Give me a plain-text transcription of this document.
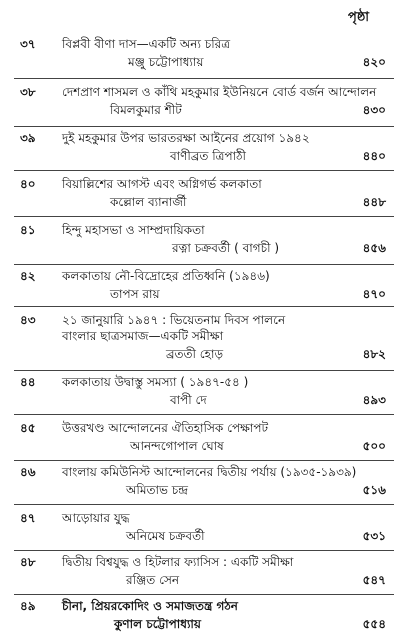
পৃষ্ঠা
৩৭ বিপ্লবী বীণা দাস—একটি অন্য চরিত্র
মঞ্জু চট্টোপাধ্যায়	৪২০
৩৮ দেশপ্রাণ শাসমল ও কাঁথি মহকুমার ইউনিয়নে বোর্ড বর্জন আন্দোলন
বিমলকুমার শীট	৪৩০
৩৯ দুই মহকুমার উপর ভারতরক্ষা আইনের প্রয়োগ ১৯৪২
বাণীব্রত ত্রিপাঠী	৪৪০
৪০ বিয়াল্লিশের আগস্ট এবং অগ্নিগর্ভ কলকাতা
কল্লোল ব্যানার্জী	৪৪৮
৪১ হিন্দু মহাসভা ও সাম্প্রদায়িকতা
রত্না চক্রবর্তী ( বাগচী )	৪৫৬
৪২ কলকাতায় নৌ-বিদ্রোহের প্রতিধ্বনি (১৯৪৬)
তাপস রায়	৪৭০
৪৩ ২১ জানুয়ারি ১৯৪৭ : ভিয়েতনাম দিবস পালনে
বাংলার ছাত্রসমাজ—একটি সমীক্ষা
ব্রততী হোড়	৪৮২
৪৪ কলকাতায় উদ্বাস্তু সমস্যা ( ১৯৪৭-৫৪ )
বাপী দে	৪৯৩
৪৫ উত্তরখণ্ড আন্দোলনের ঐতিহাসিক পেক্ষাপট
আনন্দগোপাল ঘোষ	৫০০
৪৬ বাংলায় কমিউনিস্ট আন্দোলনের দ্বিতীয় পর্যায় (১৯৩৫-১৯৩৯)
অমিতাভ চন্দ্র	৫১৬
৪৭ আড়োয়ার যুদ্ধ
অনিমেষ চক্রবর্তী	৫৩১
৪৮ দ্বিতীয় বিশ্বযুদ্ধ ও হিটলার ফ্যাসিস : একটি সমীক্ষা
রঞ্জিত সেন	৫৪৭
৪৯ চীনা, প্রিয়রকোদিং ও সমাজতন্ত্র গঠন
কুণাল চট্টোপাধ্যায়	৫৫৪
